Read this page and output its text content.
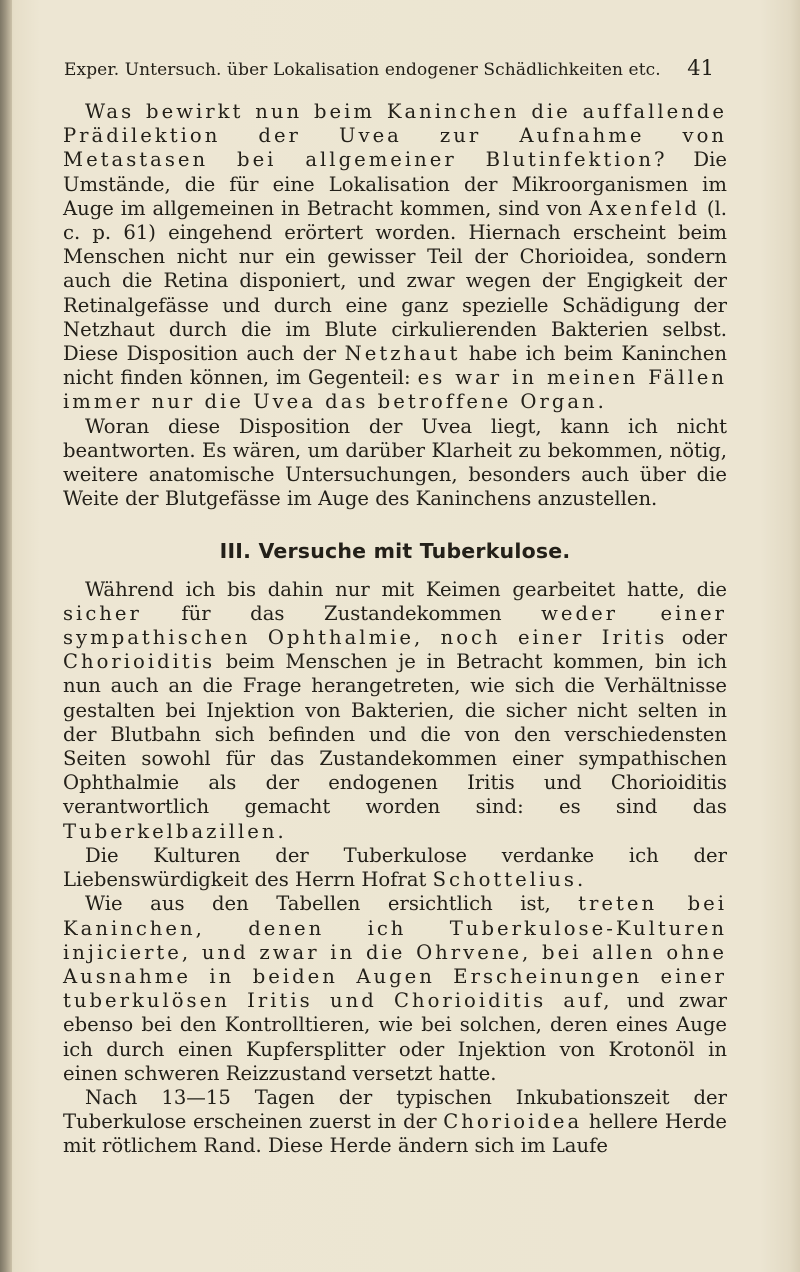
Exper. Untersuch. über Lokalisation endogener Schädlichkeiten etc. 41

Was bewirkt nun beim Kaninchen die auffallende Prädilektion der Uvea zur Aufnahme von Metastasen bei allgemeiner Blutinfektion? Die Umstände, die für eine Lokalisation der Mikroorganismen im Auge im allgemeinen in Betracht kommen, sind von Axenfeld (l. c. p. 61) eingehend erörtert worden. Hiernach erscheint beim Menschen nicht nur ein gewisser Teil der Chorioidea, sondern auch die Retina disponiert, und zwar wegen der Engigkeit der Retinalgefässe und durch eine ganz spezielle Schädigung der Netzhaut durch die im Blute cirkulierenden Bakterien selbst. Diese Disposition auch der Netzhaut habe ich beim Kaninchen nicht finden können, im Gegenteil: es war in meinen Fällen immer nur die Uvea das betroffene Organ.

Woran diese Disposition der Uvea liegt, kann ich nicht beantworten. Es wären, um darüber Klarheit zu bekommen, nötig, weitere anatomische Untersuchungen, besonders auch über die Weite der Blutgefässe im Auge des Kaninchens anzustellen.

III. Versuche mit Tuberkulose.

Während ich bis dahin nur mit Keimen gearbeitet hatte, die sicher für das Zustandekommen weder einer sympathischen Ophthalmie, noch einer Iritis oder Chorioiditis beim Menschen je in Betracht kommen, bin ich nun auch an die Frage herangetreten, wie sich die Verhältnisse gestalten bei Injektion von Bakterien, die sicher nicht selten in der Blutbahn sich befinden und die von den verschiedensten Seiten sowohl für das Zustandekommen einer sympathischen Ophthalmie als der endogenen Iritis und Chorioiditis verantwortlich gemacht worden sind: es sind das Tuberkelbazillen.

Die Kulturen der Tuberkulose verdanke ich der Liebenswürdigkeit des Herrn Hofrat Schottelius.

Wie aus den Tabellen ersichtlich ist, treten bei Kaninchen, denen ich Tuberkulose-Kulturen injicierte, und zwar in die Ohrvene, bei allen ohne Ausnahme in beiden Augen Erscheinungen einer tuberkulösen Iritis und Chorioiditis auf, und zwar ebenso bei den Kontrolltieren, wie bei solchen, deren eines Auge ich durch einen Kupfersplitter oder Injektion von Krotonöl in einen schweren Reizzustand versetzt hatte.

Nach 13—15 Tagen der typischen Inkubationszeit der Tuberkulose erscheinen zuerst in der Chorioidea hellere Herde mit rötlichem Rand. Diese Herde ändern sich im Laufe
